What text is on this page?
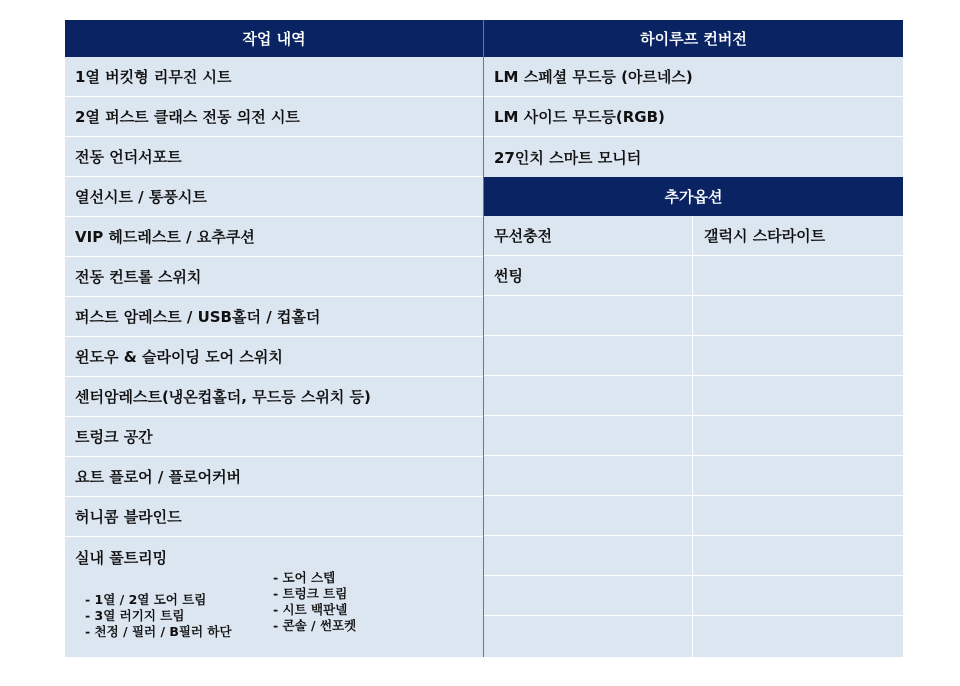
작업 내역
1열 버킷형 리무진 시트
2열 퍼스트 클래스 전동 의전 시트
전동 언더서포트
열선시트 / 통풍시트
VIP 헤드레스트 / 요추쿠션
전동 컨트롤 스위치
퍼스트 암레스트 / USB홀더 / 컵홀더
윈도우 & 슬라이딩 도어 스위치
센터암레스트(냉온컵홀더, 무드등 스위치 등)
트렁크 공간
요트 플로어 / 플로어커버
허니콤 블라인드
실내 풀트리밍
- 1열 / 2열 도어 트림
- 3열 러기지 트림
- 천정 / 필러 / B필러 하단
- 도어 스텝
- 트렁크 트림
- 시트 백판넬
- 콘솔 / 썬포켓
하이루프 컨버전
LM 스페셜 무드등 (아르네스)
LM 사이드 무드등(RGB)
27인치 스마트 모니터
추가옵션
무선충전	갤럭시 스타라이트
썬팅
